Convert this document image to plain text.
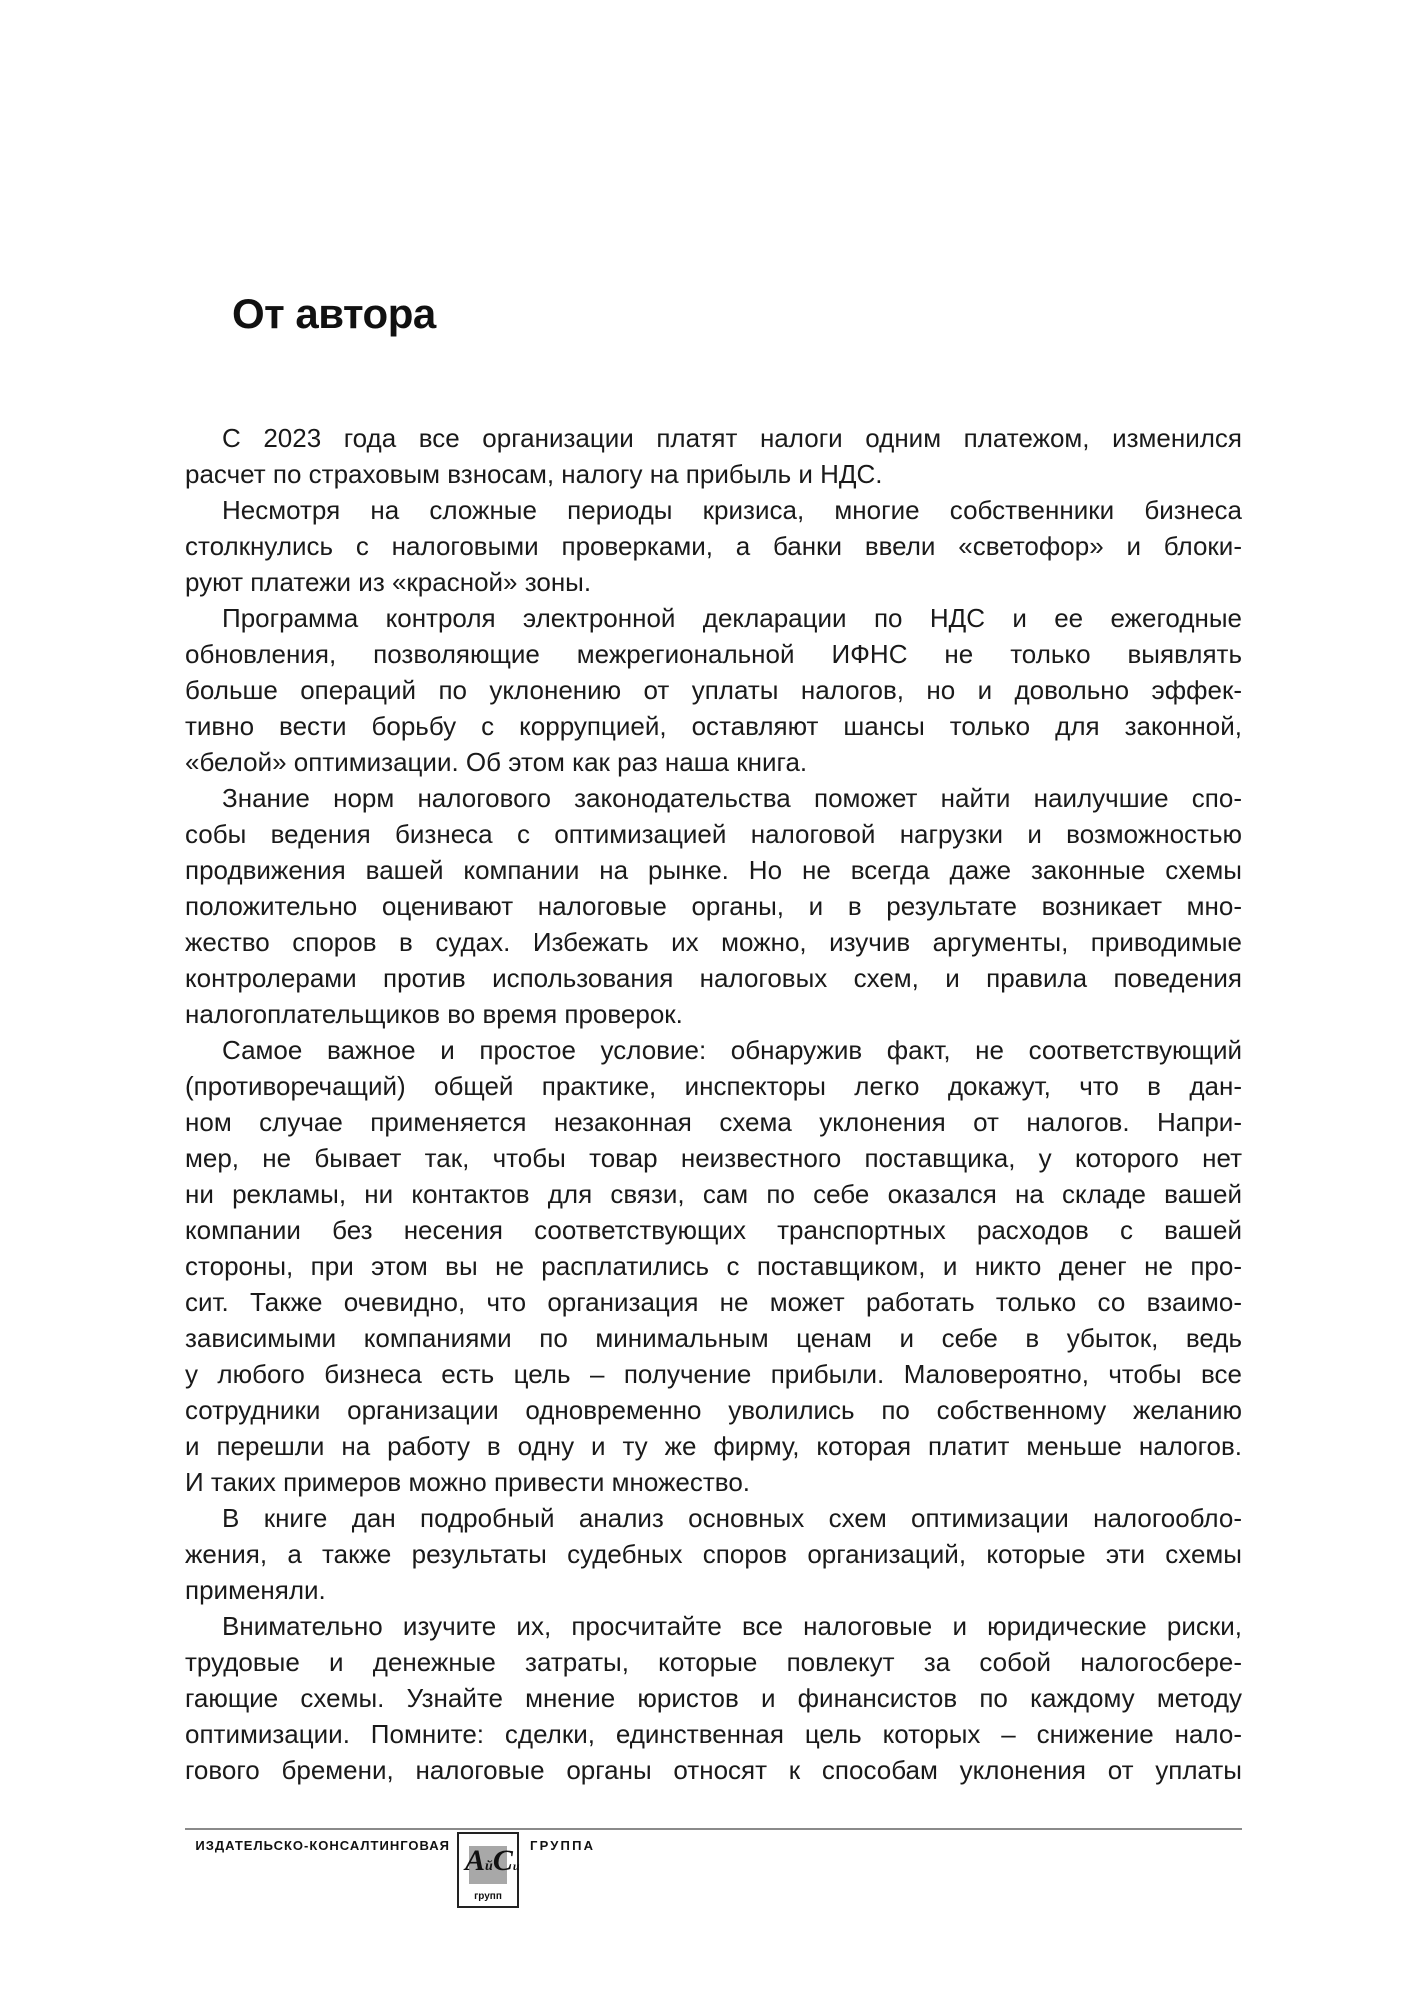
От автора
С 2023 года все организации платят налоги одним платежом, изменился
расчет по страховым взносам, налогу на прибыль и НДС.
Несмотря на сложные периоды кризиса, многие собственники бизнеса
столкнулись с налоговыми проверками, а банки ввели «светофор» и блоки-
руют платежи из «красной» зоны.
Программа контроля электронной декларации по НДС и ее ежегодные
обновления, позволяющие межрегиональной ИФНС не только выявлять
больше операций по уклонению от уплаты налогов, но и довольно эффек-
тивно вести борьбу с коррупцией, оставляют шансы только для законной,
«белой» оптимизации. Об этом как раз наша книга.
Знание норм налогового законодательства поможет найти наилучшие спо-
собы ведения бизнеса с оптимизацией налоговой нагрузки и возможностью
продвижения вашей компании на рынке. Но не всегда даже законные схемы
положительно оценивают налоговые органы, и в результате возникает мно-
жество споров в судах. Избежать их можно, изучив аргументы, приводимые
контролерами против использования налоговых схем, и правила поведения
налогоплательщиков во время проверок.
Самое важное и простое условие: обнаружив факт, не соответствующий
(противоречащий) общей практике, инспекторы легко докажут, что в дан-
ном случае применяется незаконная схема уклонения от налогов. Напри-
мер, не бывает так, чтобы товар неизвестного поставщика, у которого нет
ни рекламы, ни контактов для связи, сам по себе оказался на складе вашей
компании без несения соответствующих транспортных расходов с вашей
стороны, при этом вы не расплатились с поставщиком, и никто денег не про-
сит. Также очевидно, что организация не может работать только со взаимо-
зависимыми компаниями по минимальным ценам и себе в убыток, ведь
у любого бизнеса есть цель – получение прибыли. Маловероятно, чтобы все
сотрудники организации одновременно уволились по собственному желанию
и перешли на работу в одну и ту же фирму, которая платит меньше налогов.
И таких примеров можно привести множество.
В книге дан подробный анализ основных схем оптимизации налогообло-
жения, а также результаты судебных споров организаций, которые эти схемы
применяли.
Внимательно изучите их, просчитайте все налоговые и юридические риски,
трудовые и денежные затраты, которые повлекут за собой налогосбере-
гающие схемы. Узнайте мнение юристов и финансистов по каждому методу
оптимизации. Помните: сделки, единственная цель которых – снижение нало-
гового бремени, налоговые органы относят к способам уклонения от уплаты
ИЗДАТЕЛЬСКО-КОНСАЛТИНГОВАЯ АйСи
групп
ГРУППА
